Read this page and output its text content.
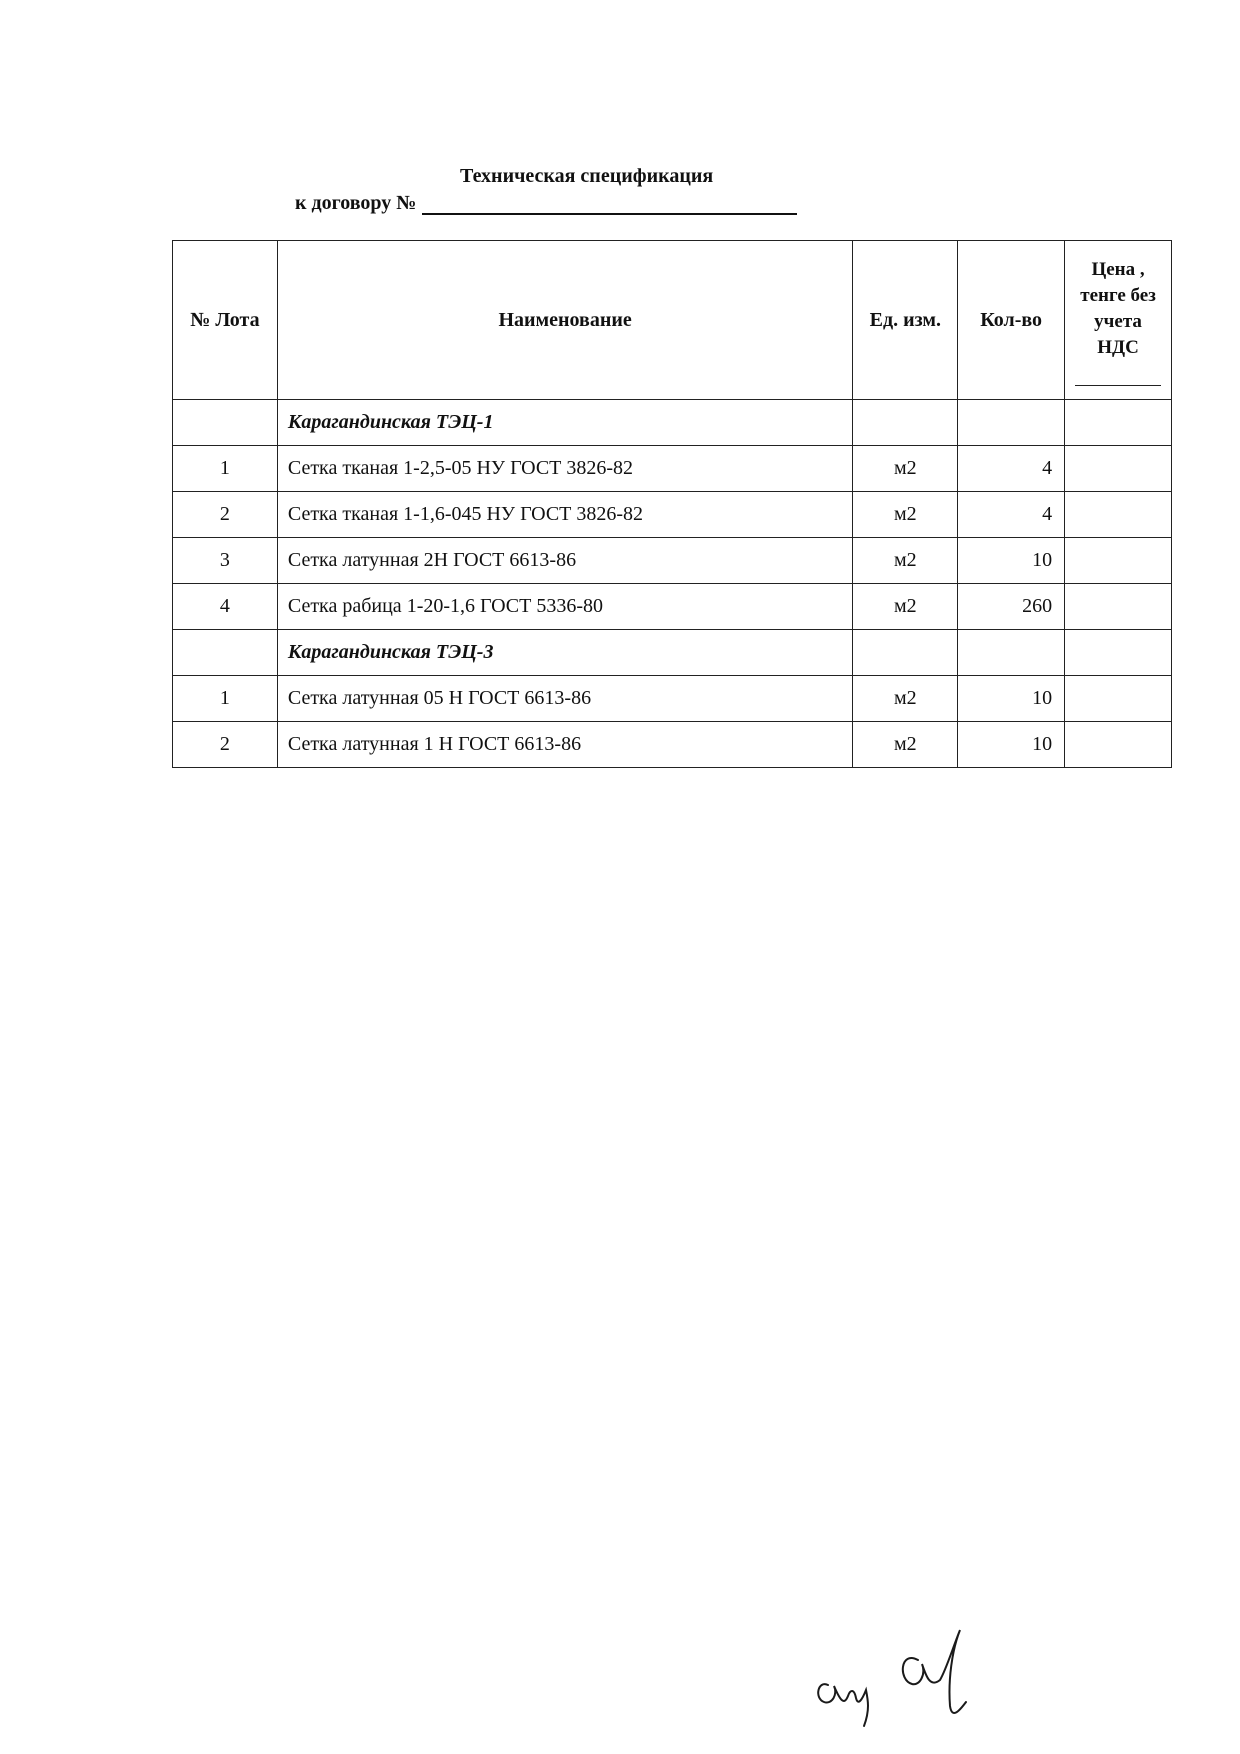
Техническая спецификация
к договору №
№ Лота	Наименование	Ед. изм.	Кол-во	Цена , тенге без учета НДС

	Карагандинская ТЭЦ-1			
1	Сетка тканая 1-2,5-05 НУ ГОСТ 3826-82	м2	4	
2	Сетка тканая 1-1,6-045 НУ ГОСТ 3826-82	м2	4	
3	Сетка латунная 2Н ГОСТ 6613-86	м2	10	
4	Сетка рабица 1-20-1,6 ГОСТ 5336-80	м2	260	
	Карагандинская ТЭЦ-3			
1	Сетка латунная 05 Н ГОСТ 6613-86	м2	10	
2	Сетка латунная 1 Н ГОСТ 6613-86	м2	10	
